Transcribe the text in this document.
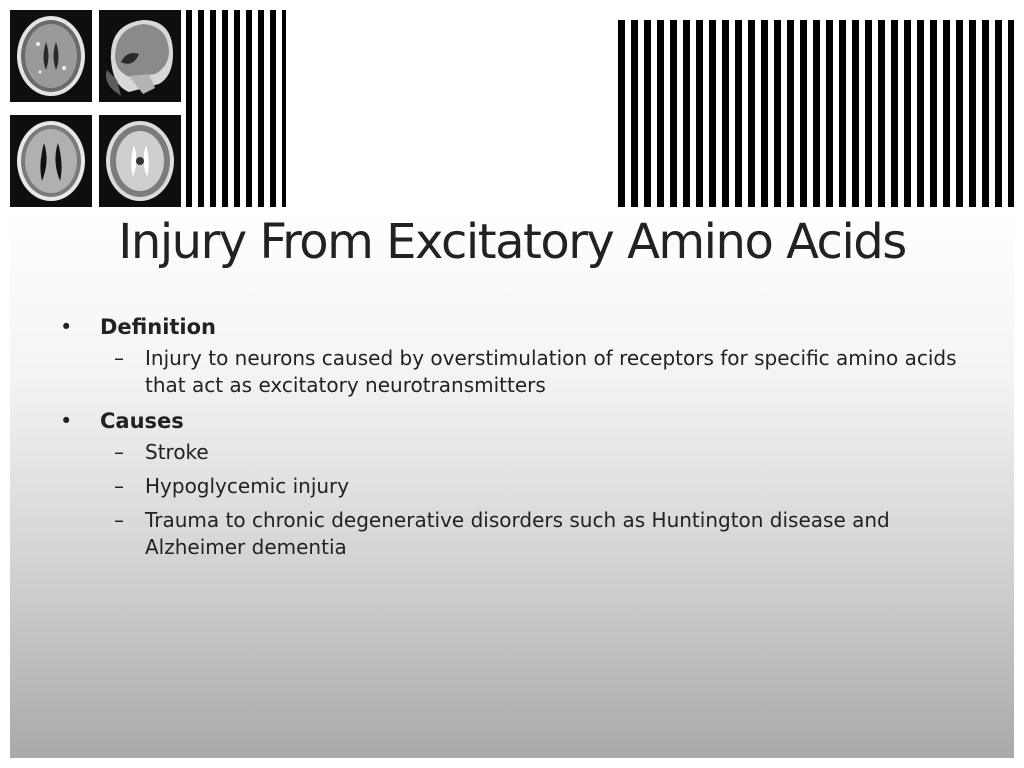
Injury From Excitatory Amino Acids
•	Definition
–	Injury to neurons caused by overstimulation of receptors for specific amino acids that act as excitatory neurotransmitters
•	Causes
–	Stroke
–	Hypoglycemic injury
–	Trauma to chronic degenerative disorders such as Huntington disease and Alzheimer dementia
